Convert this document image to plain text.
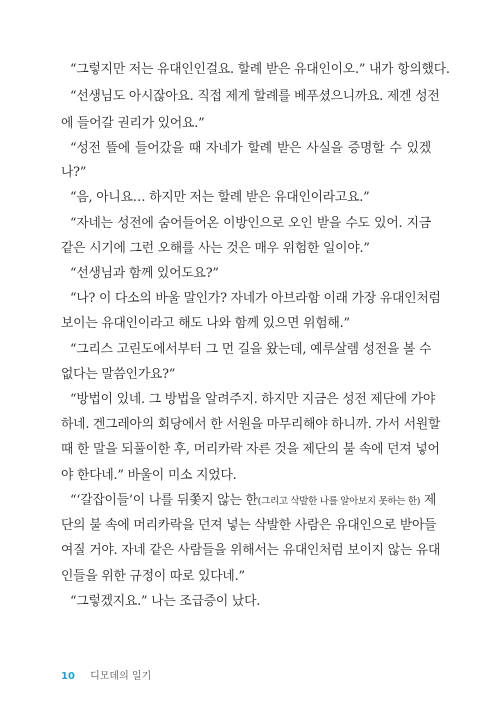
“그렇지만 저는 유대인인걸요. 할례 받은 유대인이오.” 내가 항의했다.
“선생님도 아시잖아요. 직접 제게 할례를 베푸셨으니까요. 제겐 성전
에 들어갈 권리가 있어요.”
“성전 뜰에 들어갔을 때 자네가 할례 받은 사실을 증명할 수 있겠
나?”
“음, 아니요… 하지만 저는 할례 받은 유대인이라고요.”
“자네는 성전에 숨어들어온 이방인으로 오인 받을 수도 있어. 지금
같은 시기에 그런 오해를 사는 것은 매우 위험한 일이야.”
“선생님과 함께 있어도요?”
“나? 이 다소의 바울 말인가? 자네가 아브라함 이래 가장 유대인처럼
보이는 유대인이라고 해도 나와 함께 있으면 위험해.”
“그리스 고린도에서부터 그 먼 길을 왔는데, 예루살렘 성전을 볼 수
없다는 말씀인가요?”
“방법이 있네. 그 방법을 알려주지. 하지만 지금은 성전 제단에 가야
하네. 겐그레아의 회당에서 한 서원을 마무리해야 하니까. 가서 서원할
때 한 말을 되풀이한 후, 머리카락 자른 것을 제단의 불 속에 던져 넣어
야 한다네.” 바울이 미소 지었다.
“‘갈잡이들’이 나를 뒤쫓지 않는 한(그리고 삭발한 나를 알아보지 못하는 한) 제
단의 불 속에 머리카락을 던져 넣는 삭발한 사람은 유대인으로 받아들
여질 거야. 자네 같은 사람들을 위해서는 유대인처럼 보이지 않는 유대
인들을 위한 규정이 따로 있다네.”
“그렇겠지요.” 나는 조급증이 났다.
10 디모데의 일기
